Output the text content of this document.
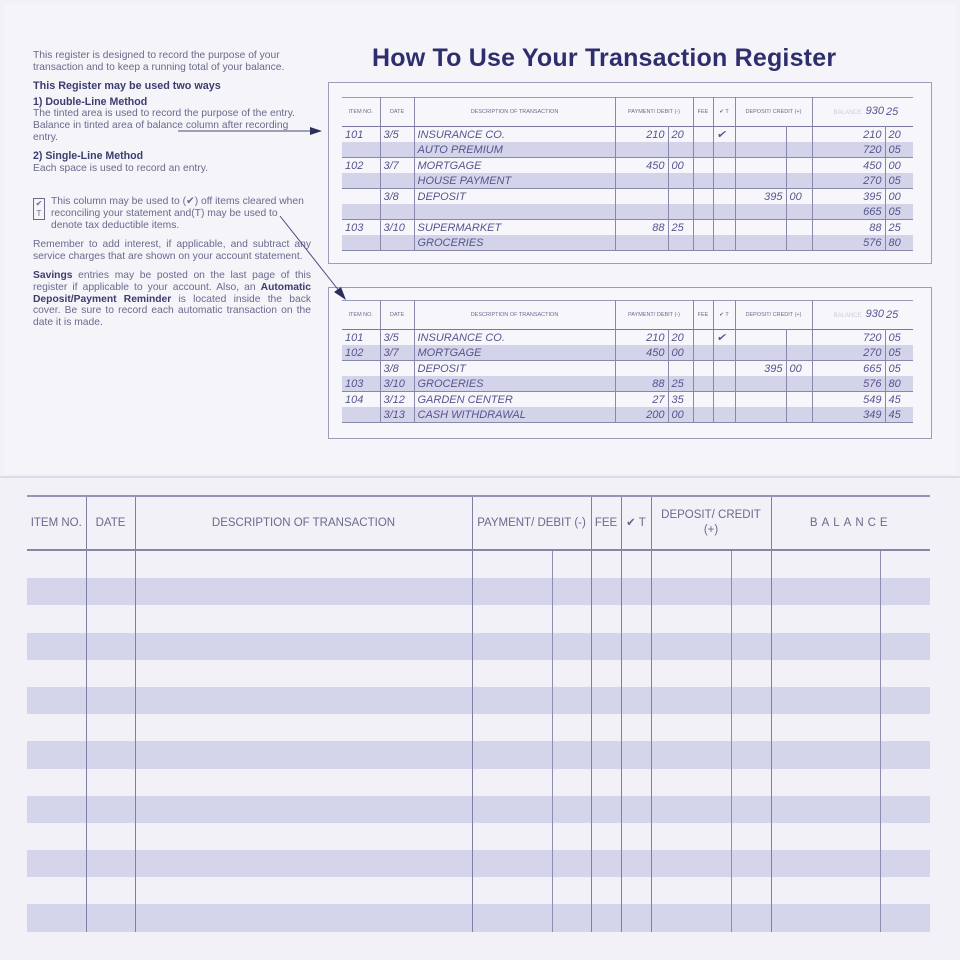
This register is designed to record the purpose of your transaction and to keep a running total of your balance.

This Register may be used two ways
1) Double-Line Method

The tinted area is used to record the purpose of the entry. Balance in tinted area of balance column after recording entry.

2) Single-Line Method

Each space is used to record an entry.

✔
T
This column may be used to (✔) off items cleared when reconciling your statement and(T) may be used to denote tax deductible items.

Remember to add interest, if applicable, and subtract any service charges that are shown on your account statement.

Savings entries may be posted on the last page of this register if applicable to your account. Also, an Automatic Deposit/Payment Reminder is located inside the back cover. Be sure to record each automatic transaction on the date it is made.

How To Use Your Transaction Register
ITEM NO.	DATE	DESCRIPTION OF TRANSACTION	PAYMENT/ DEBIT (-)		FEE	✔ T	DEPOSIT/ CREDIT (+)		BALANCE 930	25
101	3/5	INSURANCE CO.	210	20		✔			210	20
		AUTO PREMIUM							720	05
102	3/7	MORTGAGE	450	00					450	00
		HOUSE PAYMENT							270	05
	3/8	DEPOSIT					395	00	395	00
									665	05
103	3/10	SUPERMARKET	88	25					88	25
		GROCERIES							576	80
ITEM NO.	DATE	DESCRIPTION OF TRANSACTION	PAYMENT/ DEBIT (-)		FEE	✔ T	DEPOSIT/ CREDIT (+)		BALANCE 930	25
101	3/5	INSURANCE CO.	210	20		✔			720	05
102	3/7	MORTGAGE	450	00					270	05
	3/8	DEPOSIT					395	00	665	05
103	3/10	GROCERIES	88	25					576	80
104	3/12	GARDEN CENTER	27	35					549	45
	3/13	CASH WITHDRAWAL	200	00					349	45
ITEM NO.	DATE	DESCRIPTION OF TRANSACTION	PAYMENT/ DEBIT (-)		FEE	✔ T	DEPOSIT/ CREDIT (+)		BALANCE	
